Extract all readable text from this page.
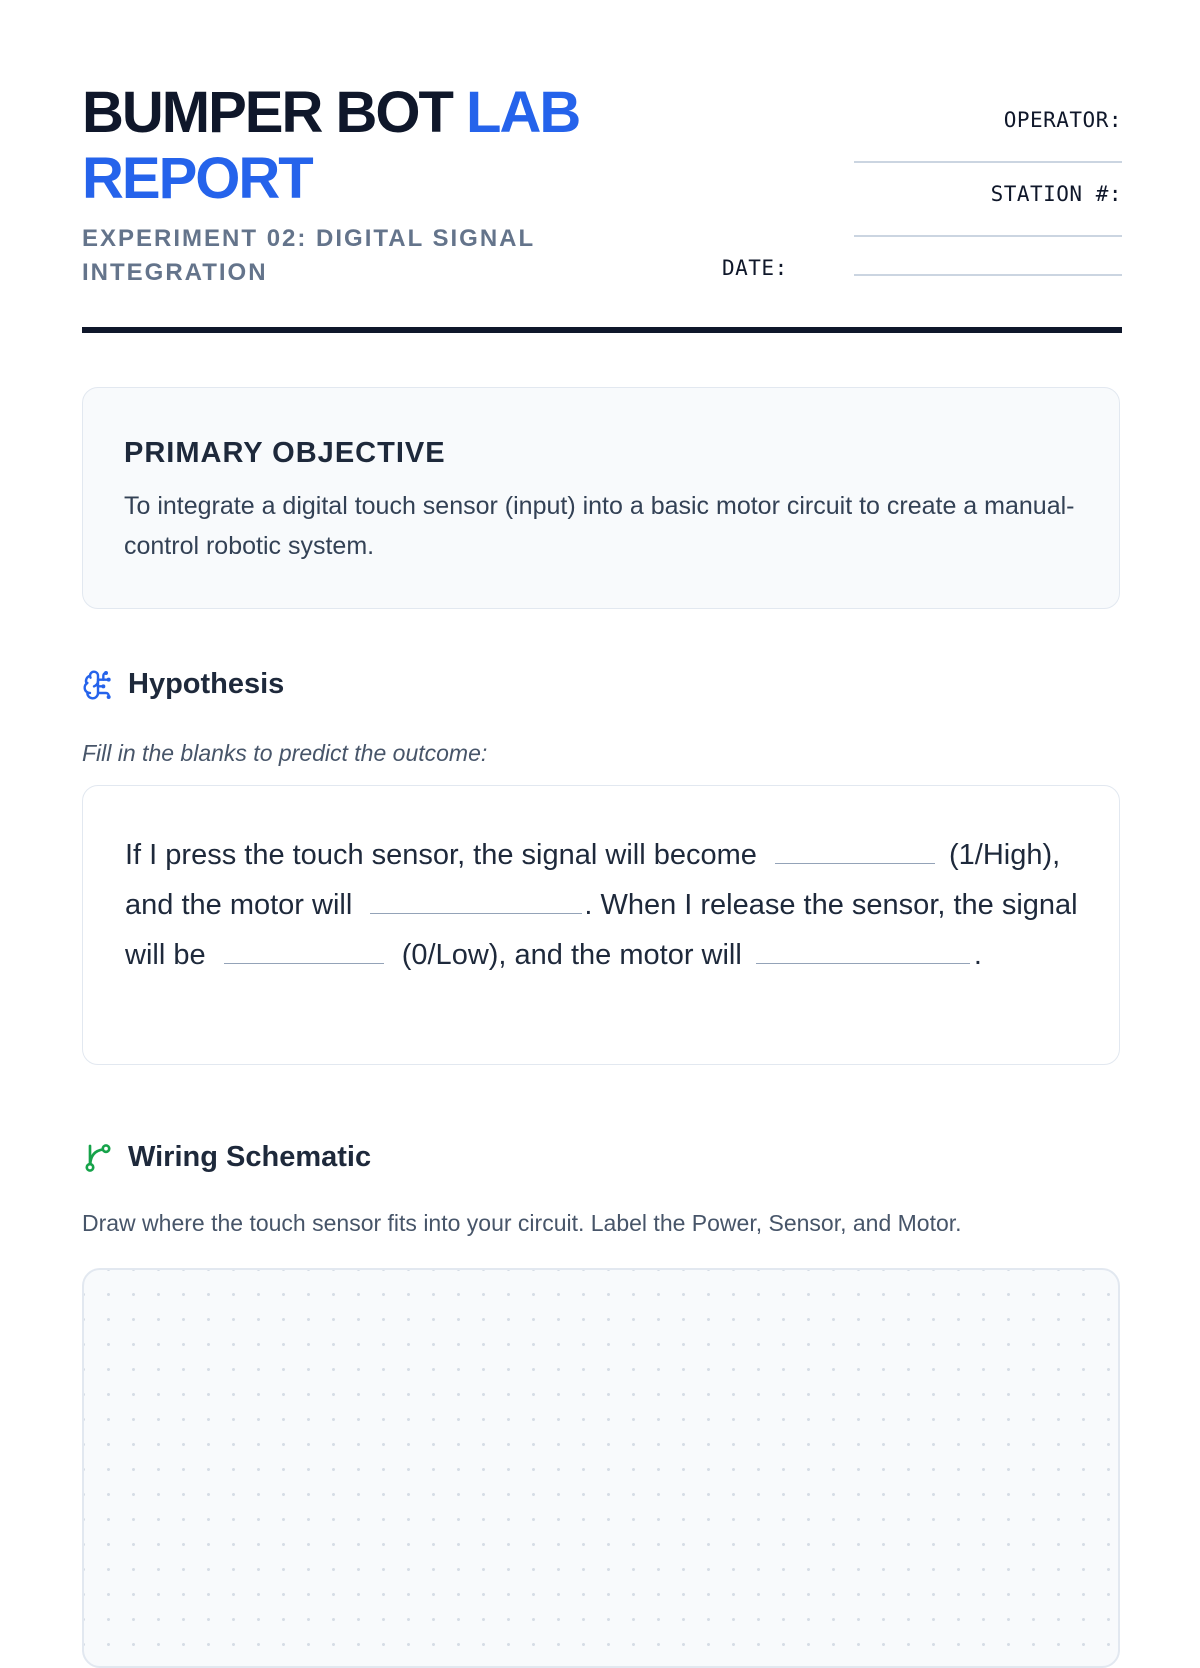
BUMPER BOT LAB REPORT

EXPERIMENT 02: DIGITAL SIGNAL INTEGRATION

OPERATOR:
STATION #:
DATE:
PRIMARY OBJECTIVE

To integrate a digital touch sensor (input) into a basic motor circuit to create a manual-control robotic system.

Hypothesis
Fill in the blanks to predict the outcome:

If I press the touch sensor, the signal will become	(1/High), and the motor will	. When I release the sensor, the signal will be	(0/Low), and the motor will	.

Wiring Schematic
Draw where the touch sensor fits into your circuit. Label the Power, Sensor, and Motor.
